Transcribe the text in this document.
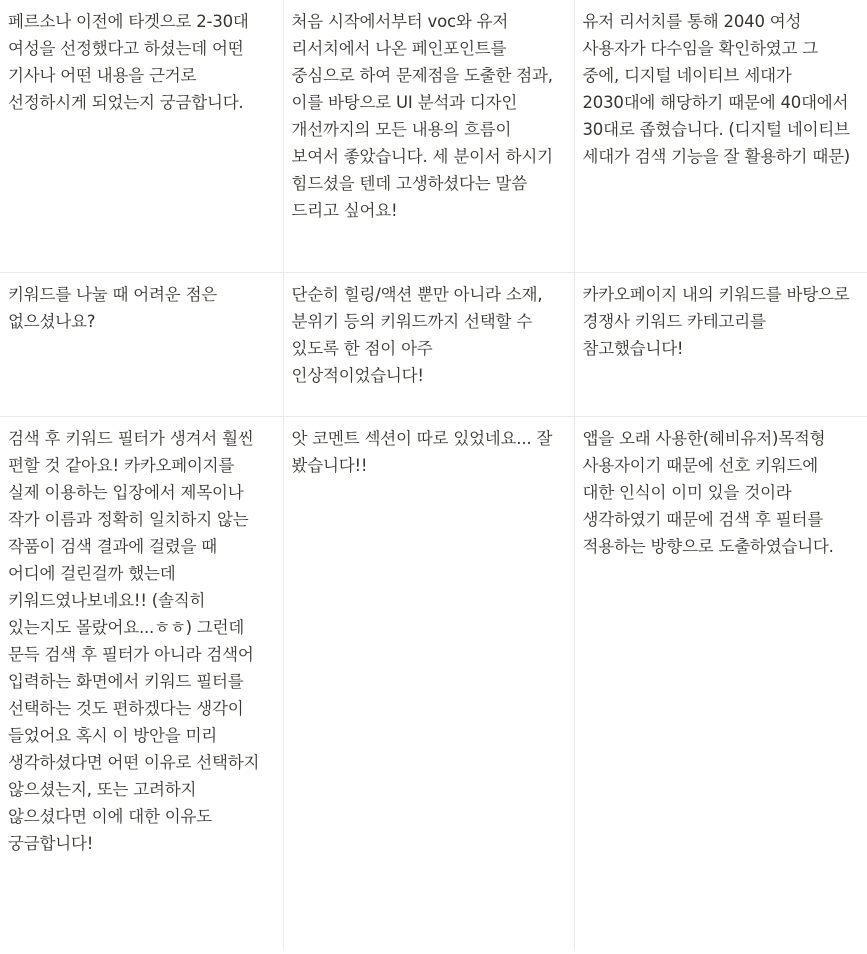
페르소나 이전에 타겟으로 2-30대 여성을 선정했다고 하셨는데 어떤 기사나 어떤 내용을 근거로 선정하시게 되었는지 궁금합니다.	처음 시작에서부터 voc와 유저 리서치에서 나온 페인포인트를 중심으로 하여 문제점을 도출한 점과, 이를 바탕으로 UI 분석과 디자인 개선까지의 모든 내용의 흐름이 보여서 좋았습니다. 세 분이서 하시기 힘드셨을 텐데 고생하셨다는 말씀 드리고 싶어요!	유저 리서치를 통해 2040 여성 사용자가 다수임을 확인하였고 그 중에, 디지털 네이티브 세대가 2030대에 해당하기 때문에 40대에서 30대로 좁혔습니다. (디지털 네이티브 세대가 검색 기능을 잘 활용하기 때문)

키워드를 나눌 때 어려운 점은 없으셨나요?	단순히 힐링/액션 뿐만 아니라 소재, 분위기 등의 키워드까지 선택할 수 있도록 한 점이 아주 인상적이었습니다!	카카오페이지 내의 키워드를 바탕으로 경쟁사 키워드 카테고리를 참고했습니다!

검색 후 키워드 필터가 생겨서 훨씬 편할 것 같아요! 카카오페이지를 실제 이용하는 입장에서 제목이나 작가 이름과 정확히 일치하지 않는 작품이 검색 결과에 걸렸을 때 어디에 걸린걸까 했는데 키워드였나보네요!! (솔직히 있는지도 몰랐어요...ㅎㅎ) 그런데 문득 검색 후 필터가 아니라 검색어 입력하는 화면에서 키워드 필터를 선택하는 것도 편하겠다는 생각이 들었어요 혹시 이 방안을 미리 생각하셨다면 어떤 이유로 선택하지 않으셨는지, 또는 고려하지 않으셨다면 이에 대한 이유도 궁금합니다!	앗 코멘트 섹션이 따로 있었네요... 잘 봤습니다!!	앱을 오래 사용한(헤비유저)목적형 사용자이기 때문에 선호 키워드에 대한 인식이 이미 있을 것이라 생각하였기 때문에 검색 후 필터를 적용하는 방향으로 도출하였습니다.
